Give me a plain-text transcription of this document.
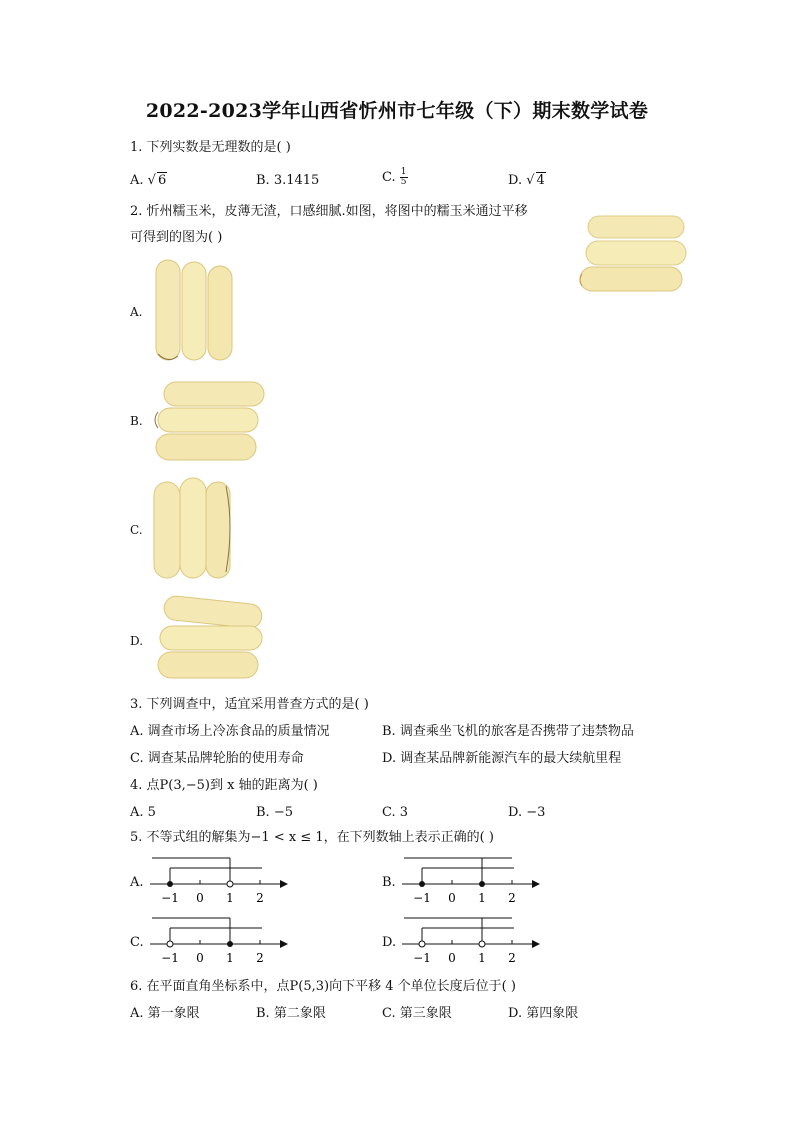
2022-2023学年山西省忻州市七年级（下）期末数学试卷
1. 下列实数是无理数的是( )
A. √ 6	B. 3.1415	C. $\frac{1}{5}$	D. √ 4
2. 忻州糯玉米，皮薄无渣，口感细腻.如图，将图中的糯玉米通过平移
可得到的图为( )
A.
B.
C.
D.
3. 下列调查中，适宜采用普查方式的是( )
A. 调查市场上冷冻食品的质量情况	B. 调查乘坐飞机的旅客是否携带了违禁物品
C. 调查某品牌轮胎的使用寿命	D. 调查某品牌新能源汽车的最大续航里程
4. 点P(3,−5)到 x 轴的距离为( )
A. 5	B. −5	C. 3	D. −3
5. 不等式组的解集为−1 < x ≤ 1，在下列数轴上表示正确的( )
A.	B.
C.	D.
−1 0 1 2	−1 0 1 2
−1 0 1 2	−1 0 1 2
6. 在平面直角坐标系中，点P(5,3)向下平移 4 个单位长度后位于( )
A. 第一象限	B. 第二象限	C. 第三象限	D. 第四象限
